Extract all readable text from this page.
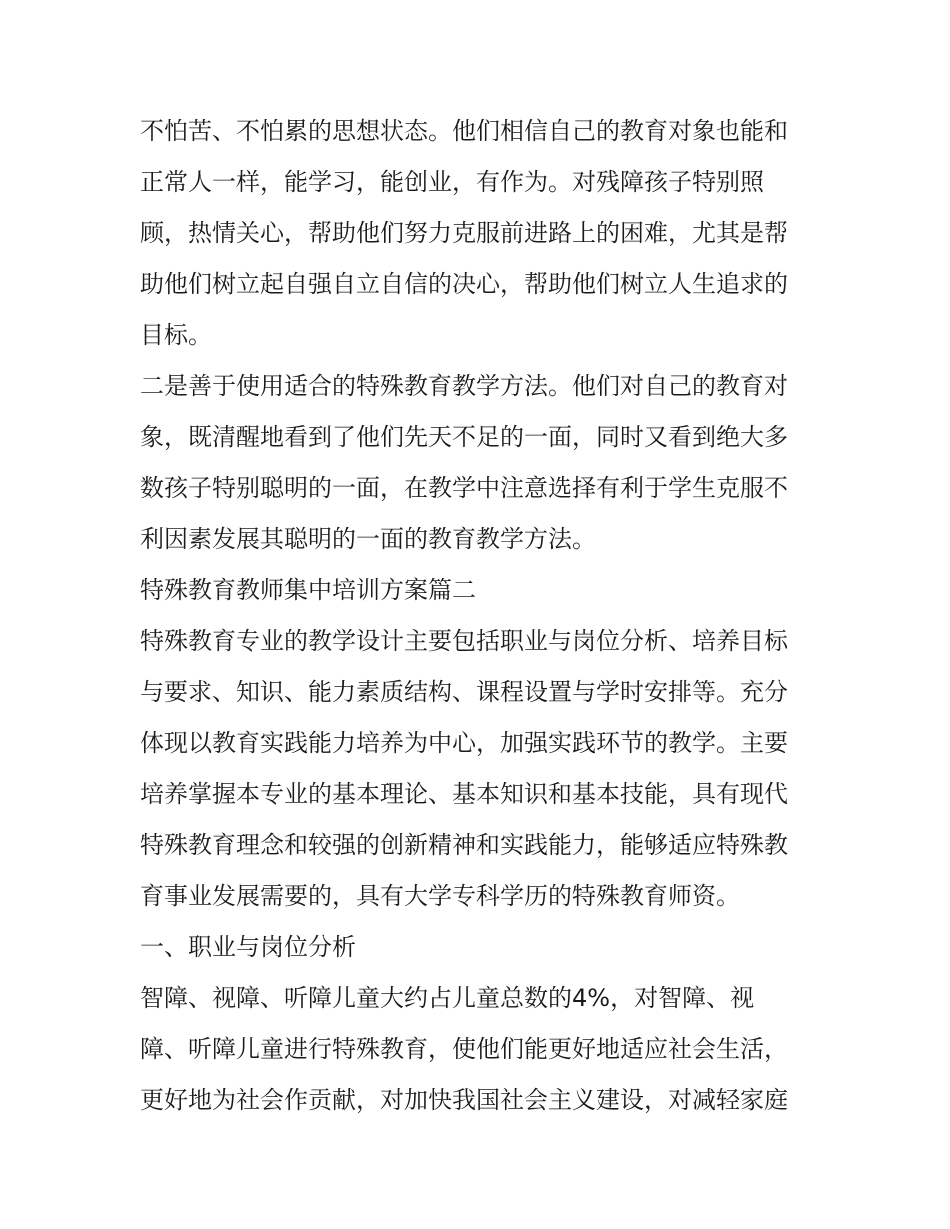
不怕苦、不怕累的思想状态。他们相信自己的教育对象也能和
正常人一样，能学习，能创业，有作为。对残障孩子特别照
顾，热情关心，帮助他们努力克服前进路上的困难，尤其是帮
助他们树立起自强自立自信的决心，帮助他们树立人生追求的
目标。
二是善于使用适合的特殊教育教学方法。他们对自己的教育对
象，既清醒地看到了他们先天不足的一面，同时又看到绝大多
数孩子特别聪明的一面，在教学中注意选择有利于学生克服不
利因素发展其聪明的一面的教育教学方法。
特殊教育教师集中培训方案篇二
特殊教育专业的教学设计主要包括职业与岗位分析、培养目标
与要求、知识、能力素质结构、课程设置与学时安排等。充分
体现以教育实践能力培养为中心，加强实践环节的教学。主要
培养掌握本专业的基本理论、基本知识和基本技能，具有现代
特殊教育理念和较强的创新精神和实践能力，能够适应特殊教
育事业发展需要的，具有大学专科学历的特殊教育师资。
一、职业与岗位分析
智障、视障、听障儿童大约占儿童总数的4%，对智障、视
障、听障儿童进行特殊教育，使他们能更好地适应社会生活，
更好地为社会作贡献，对加快我国社会主义建设，对减轻家庭
